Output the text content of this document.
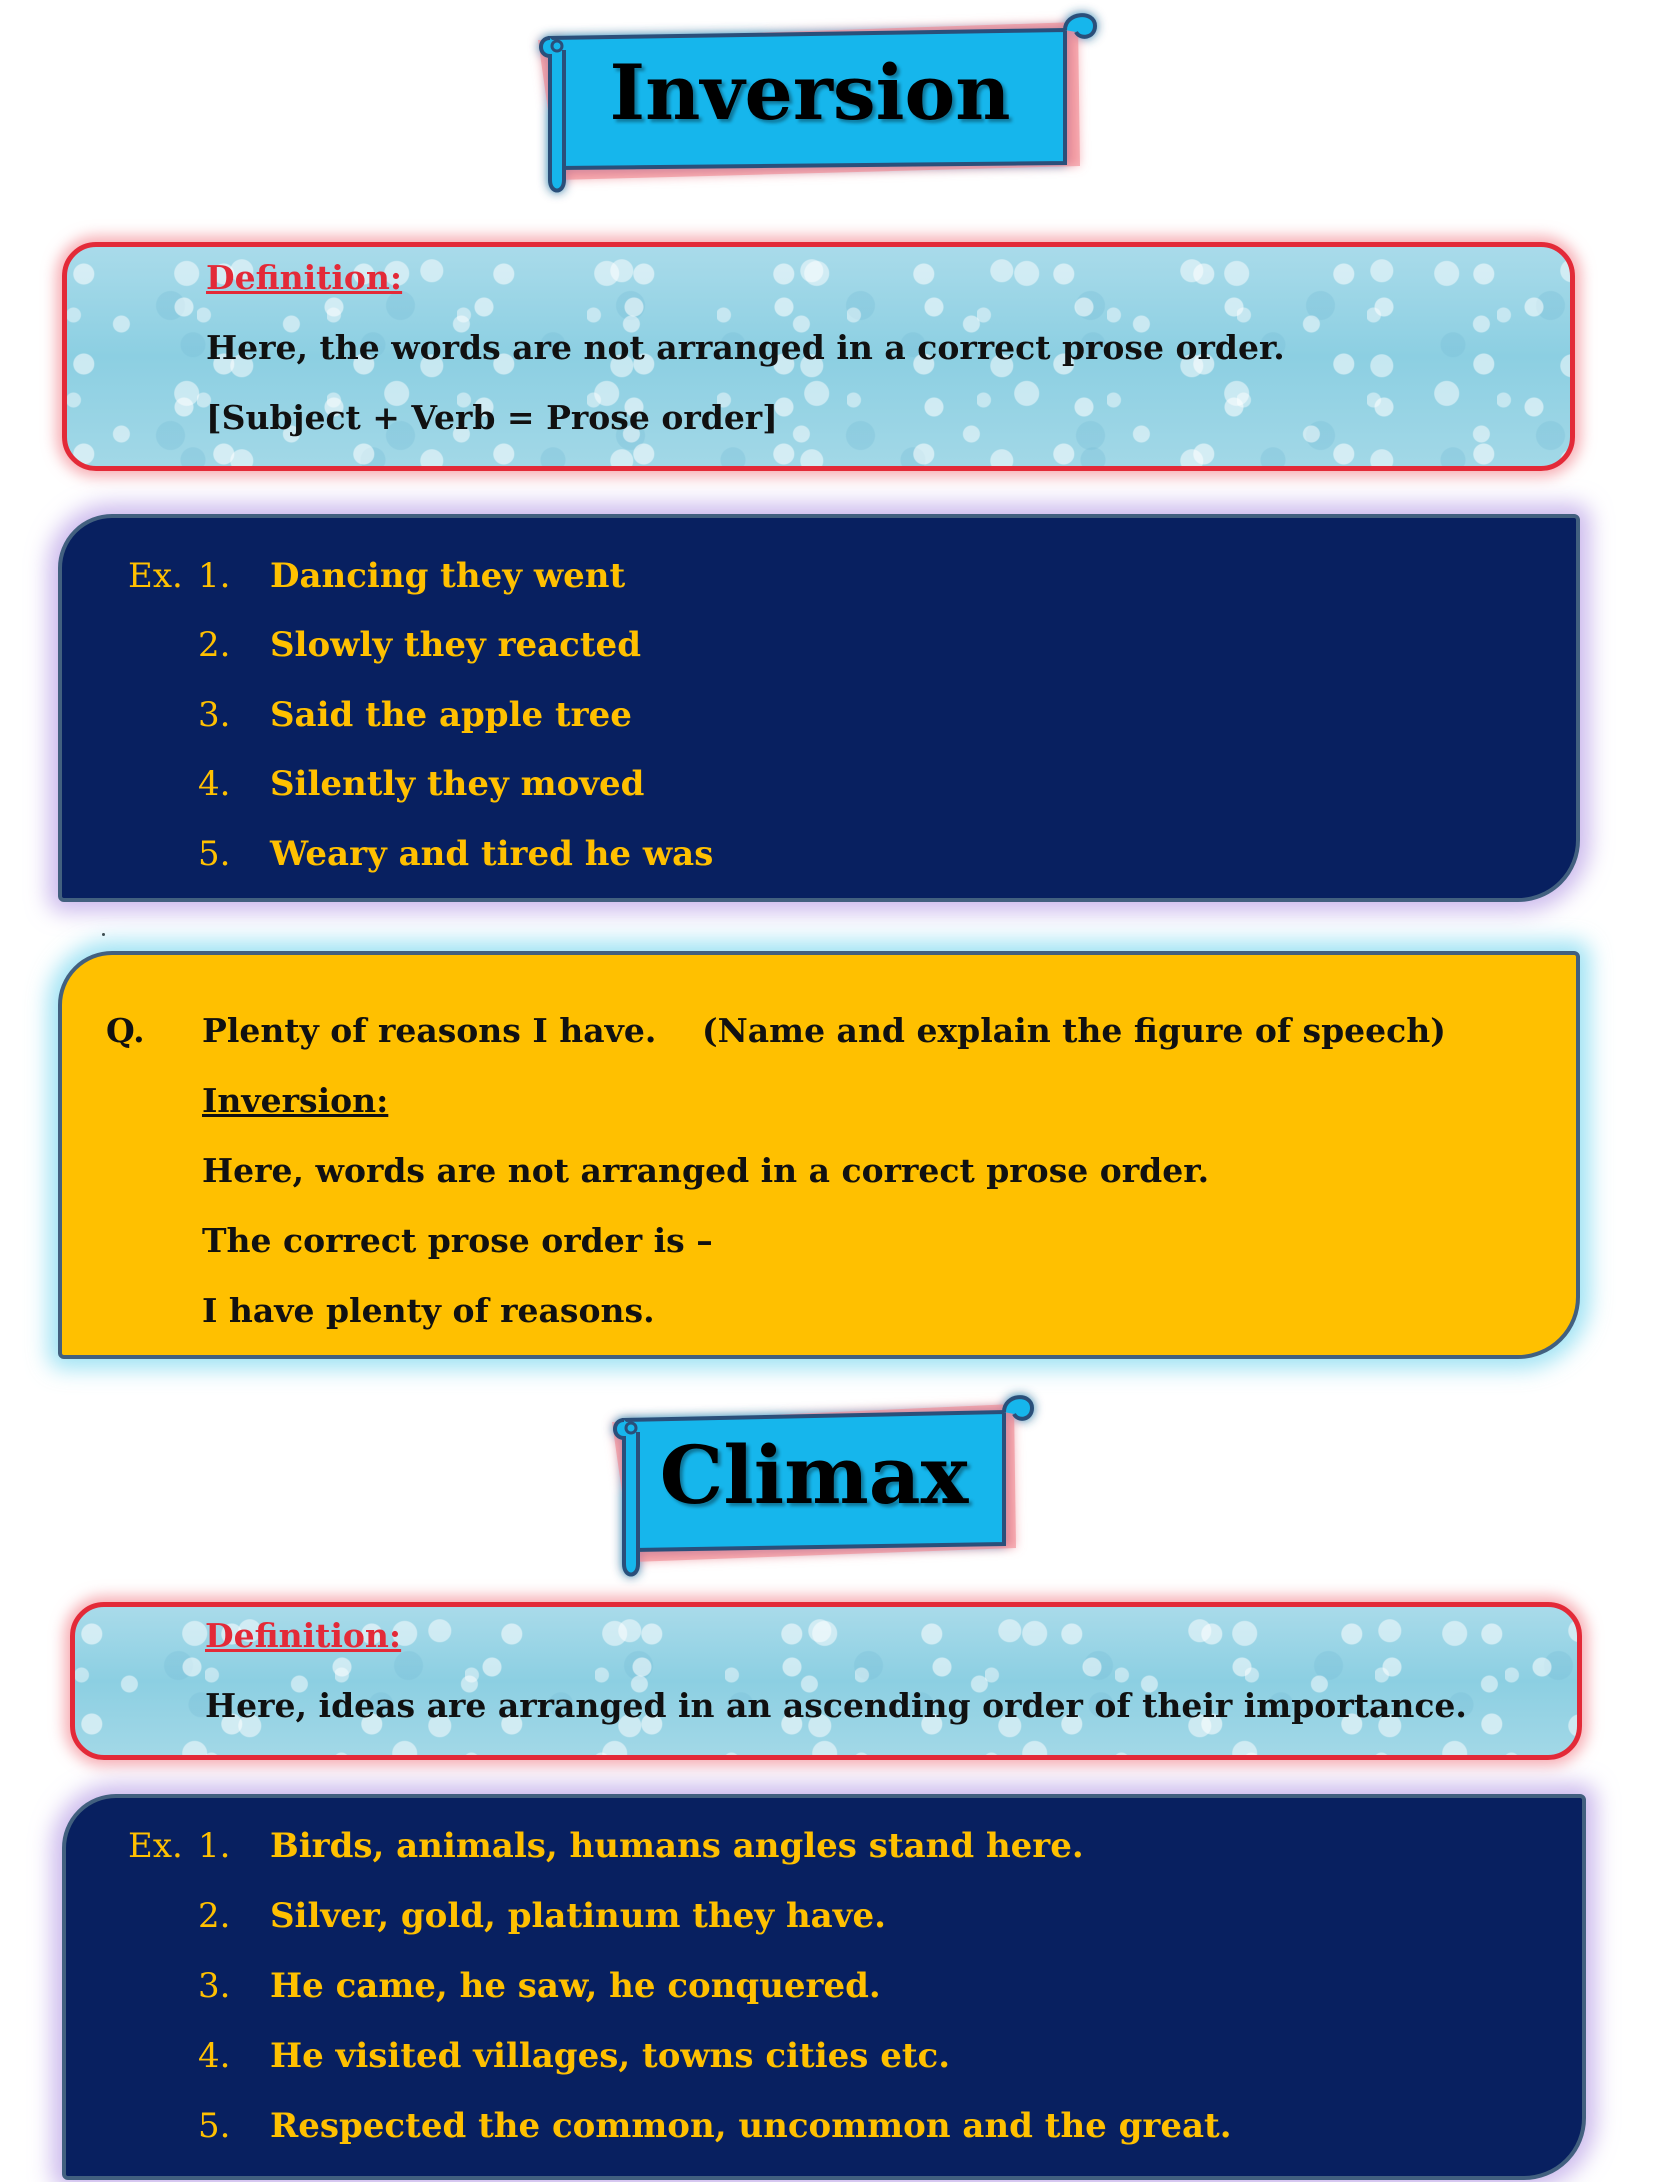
Inversion
Definition:
Here, the words are not arranged in a correct prose order.
[Subject + Verb = Prose order]
Ex. 1. Dancing they went
2. Slowly they reacted
3. Said the apple tree
4. Silently they moved
5. Weary and tired he was
Q. Plenty of reasons I have. (Name and explain the figure of speech)
Inversion:
Here, words are not arranged in a correct prose order.
The correct prose order is –
I have plenty of reasons.
Climax
Definition:
Here, ideas are arranged in an ascending order of their importance.
Ex. 1. Birds, animals, humans angles stand here.
2. Silver, gold, platinum they have.
3. He came, he saw, he conquered.
4. He visited villages, towns cities etc.
5. Respected the common, uncommon and the great.
